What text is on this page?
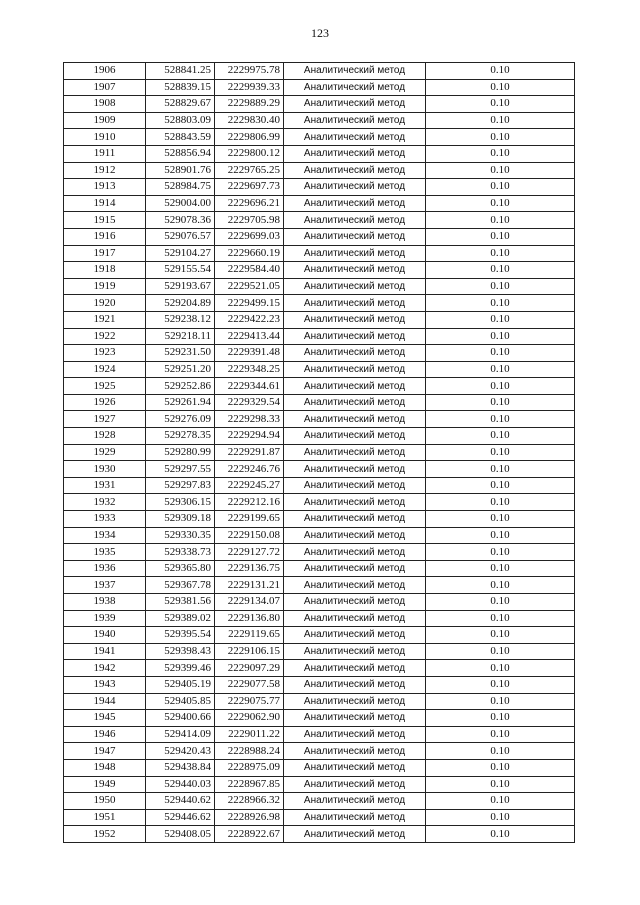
123
1906	528841.25	2229975.78	Аналитический метод	0.10
1907	528839.15	2229939.33	Аналитический метод	0.10
1908	528829.67	2229889.29	Аналитический метод	0.10
1909	528803.09	2229830.40	Аналитический метод	0.10
1910	528843.59	2229806.99	Аналитический метод	0.10
1911	528856.94	2229800.12	Аналитический метод	0.10
1912	528901.76	2229765.25	Аналитический метод	0.10
1913	528984.75	2229697.73	Аналитический метод	0.10
1914	529004.00	2229696.21	Аналитический метод	0.10
1915	529078.36	2229705.98	Аналитический метод	0.10
1916	529076.57	2229699.03	Аналитический метод	0.10
1917	529104.27	2229660.19	Аналитический метод	0.10
1918	529155.54	2229584.40	Аналитический метод	0.10
1919	529193.67	2229521.05	Аналитический метод	0.10
1920	529204.89	2229499.15	Аналитический метод	0.10
1921	529238.12	2229422.23	Аналитический метод	0.10
1922	529218.11	2229413.44	Аналитический метод	0.10
1923	529231.50	2229391.48	Аналитический метод	0.10
1924	529251.20	2229348.25	Аналитический метод	0.10
1925	529252.86	2229344.61	Аналитический метод	0.10
1926	529261.94	2229329.54	Аналитический метод	0.10
1927	529276.09	2229298.33	Аналитический метод	0.10
1928	529278.35	2229294.94	Аналитический метод	0.10
1929	529280.99	2229291.87	Аналитический метод	0.10
1930	529297.55	2229246.76	Аналитический метод	0.10
1931	529297.83	2229245.27	Аналитический метод	0.10
1932	529306.15	2229212.16	Аналитический метод	0.10
1933	529309.18	2229199.65	Аналитический метод	0.10
1934	529330.35	2229150.08	Аналитический метод	0.10
1935	529338.73	2229127.72	Аналитический метод	0.10
1936	529365.80	2229136.75	Аналитический метод	0.10
1937	529367.78	2229131.21	Аналитический метод	0.10
1938	529381.56	2229134.07	Аналитический метод	0.10
1939	529389.02	2229136.80	Аналитический метод	0.10
1940	529395.54	2229119.65	Аналитический метод	0.10
1941	529398.43	2229106.15	Аналитический метод	0.10
1942	529399.46	2229097.29	Аналитический метод	0.10
1943	529405.19	2229077.58	Аналитический метод	0.10
1944	529405.85	2229075.77	Аналитический метод	0.10
1945	529400.66	2229062.90	Аналитический метод	0.10
1946	529414.09	2229011.22	Аналитический метод	0.10
1947	529420.43	2228988.24	Аналитический метод	0.10
1948	529438.84	2228975.09	Аналитический метод	0.10
1949	529440.03	2228967.85	Аналитический метод	0.10
1950	529440.62	2228966.32	Аналитический метод	0.10
1951	529446.62	2228926.98	Аналитический метод	0.10
1952	529408.05	2228922.67	Аналитический метод	0.10
